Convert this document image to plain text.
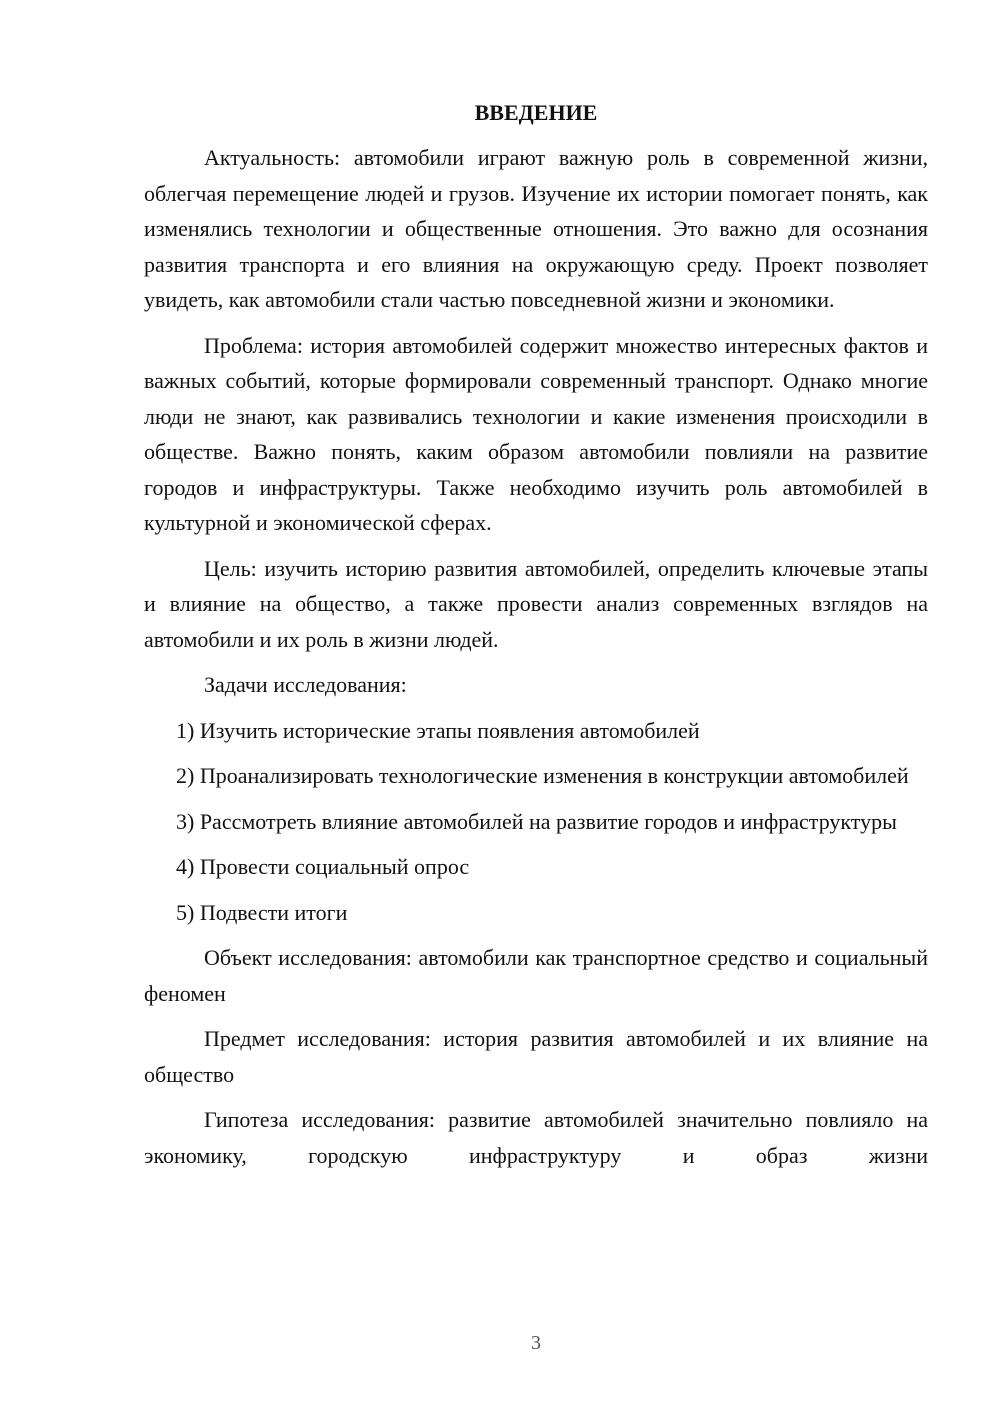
ВВЕДЕНИЕ

Актуальность: автомобили играют важную роль в современной жизни, облегчая перемещение людей и грузов. Изучение их истории помогает понять, как изменялись технологии и общественные отношения. Это важно для осознания развития транспорта и его влияния на окружающую среду. Проект позволяет увидеть, как автомобили стали частью повседневной жизни и экономики.

Проблема: история автомобилей содержит множество интересных фактов и важных событий, которые формировали современный транспорт. Однако многие люди не знают, как развивались технологии и какие изменения происходили в обществе. Важно понять, каким образом автомобили повлияли на развитие городов и инфраструктуры. Также необходимо изучить роль автомобилей в культурной и экономической сферах.

Цель: изучить историю развития автомобилей, определить ключевые этапы и влияние на общество, а также провести анализ современных взглядов на автомобили и их роль в жизни людей.

Задачи исследования:

1) Изучить исторические этапы появления автомобилей

2) Проанализировать технологические изменения в конструкции автомобилей

3) Рассмотреть влияние автомобилей на развитие городов и инфраструктуры

4) Провести социальный опрос

5) Подвести итоги

Объект исследования: автомобили как транспортное средство и социальный феномен

Предмет исследования: история развития автомобилей и их влияние на общество

Гипотеза исследования: развитие автомобилей значительно повлияло на экономику, городскую инфраструктуру и образ жизни

3
